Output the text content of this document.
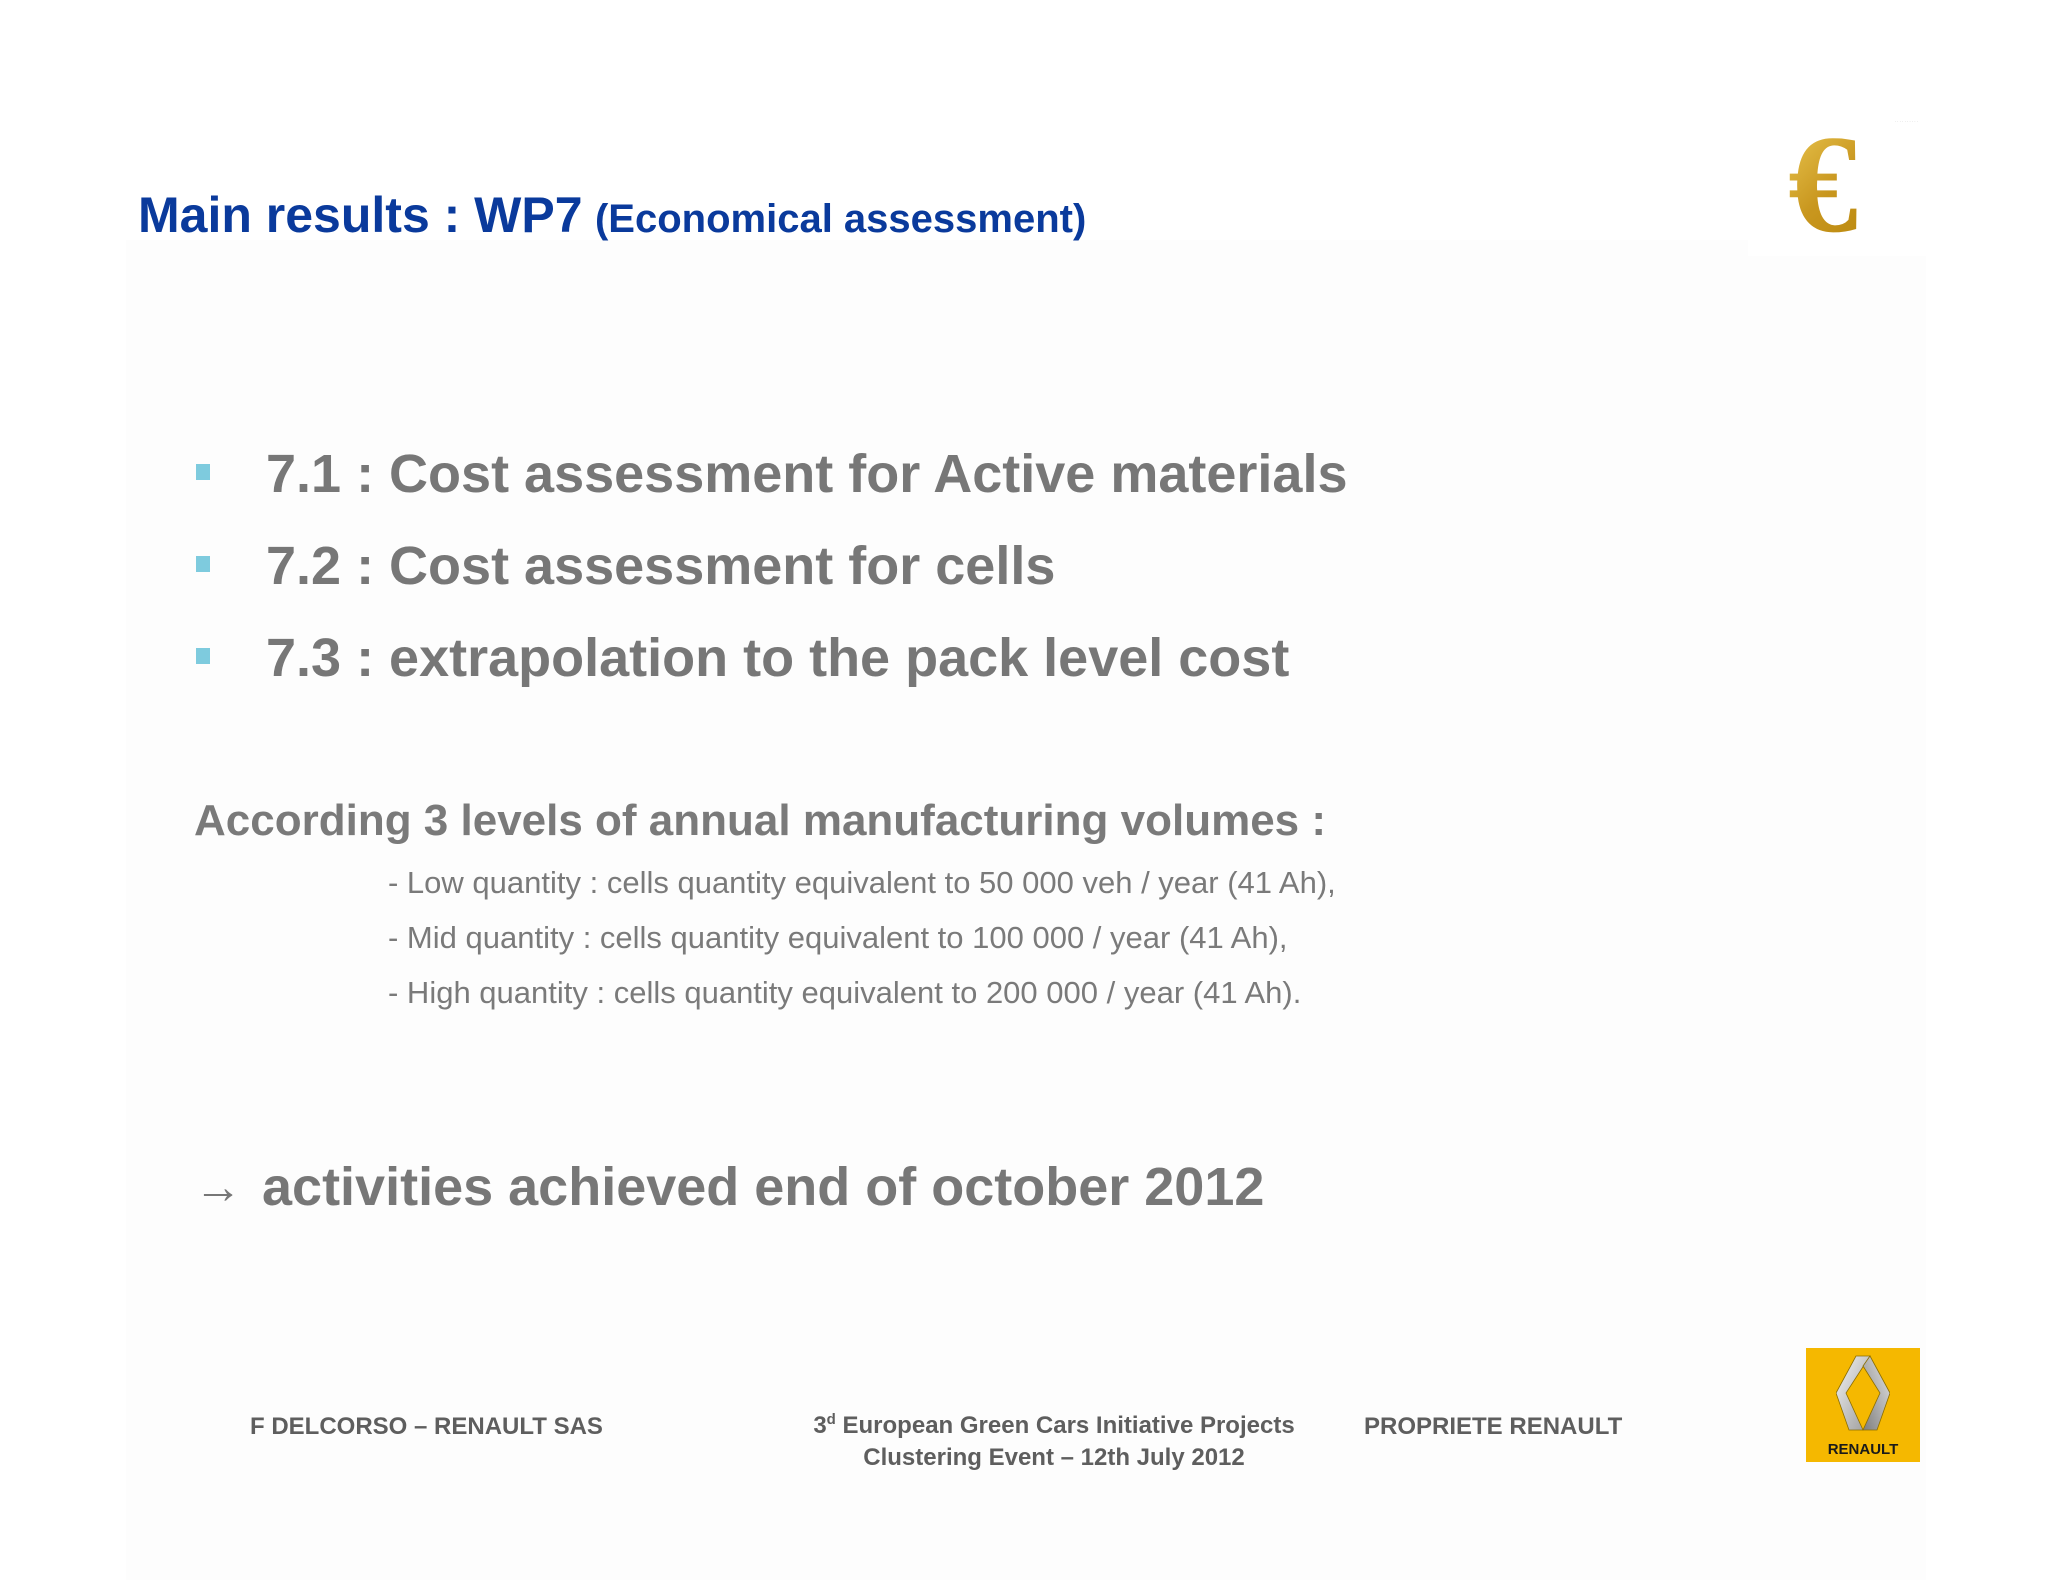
Main results : WP7 (Economical assessment)	€	· · · · · · · · · ·
7.1 : Cost assessment for Active materials
7.2 : Cost assessment for cells
7.3 : extrapolation to the pack level cost
According 3 levels of annual manufacturing volumes :
- Low quantity : cells quantity equivalent to 50 000 veh / year (41 Ah),
- Mid quantity : cells quantity equivalent to 100 000 / year (41 Ah),
- High quantity : cells quantity equivalent to 200 000 / year (41 Ah).
→ activities achieved end of october 2012
F DELCORSO – RENAULT SAS	3$^d$ European Green Cars Initiative Projects
Clustering Event – 12th July 2012
PROPRIETE RENAULT
RENAULT
